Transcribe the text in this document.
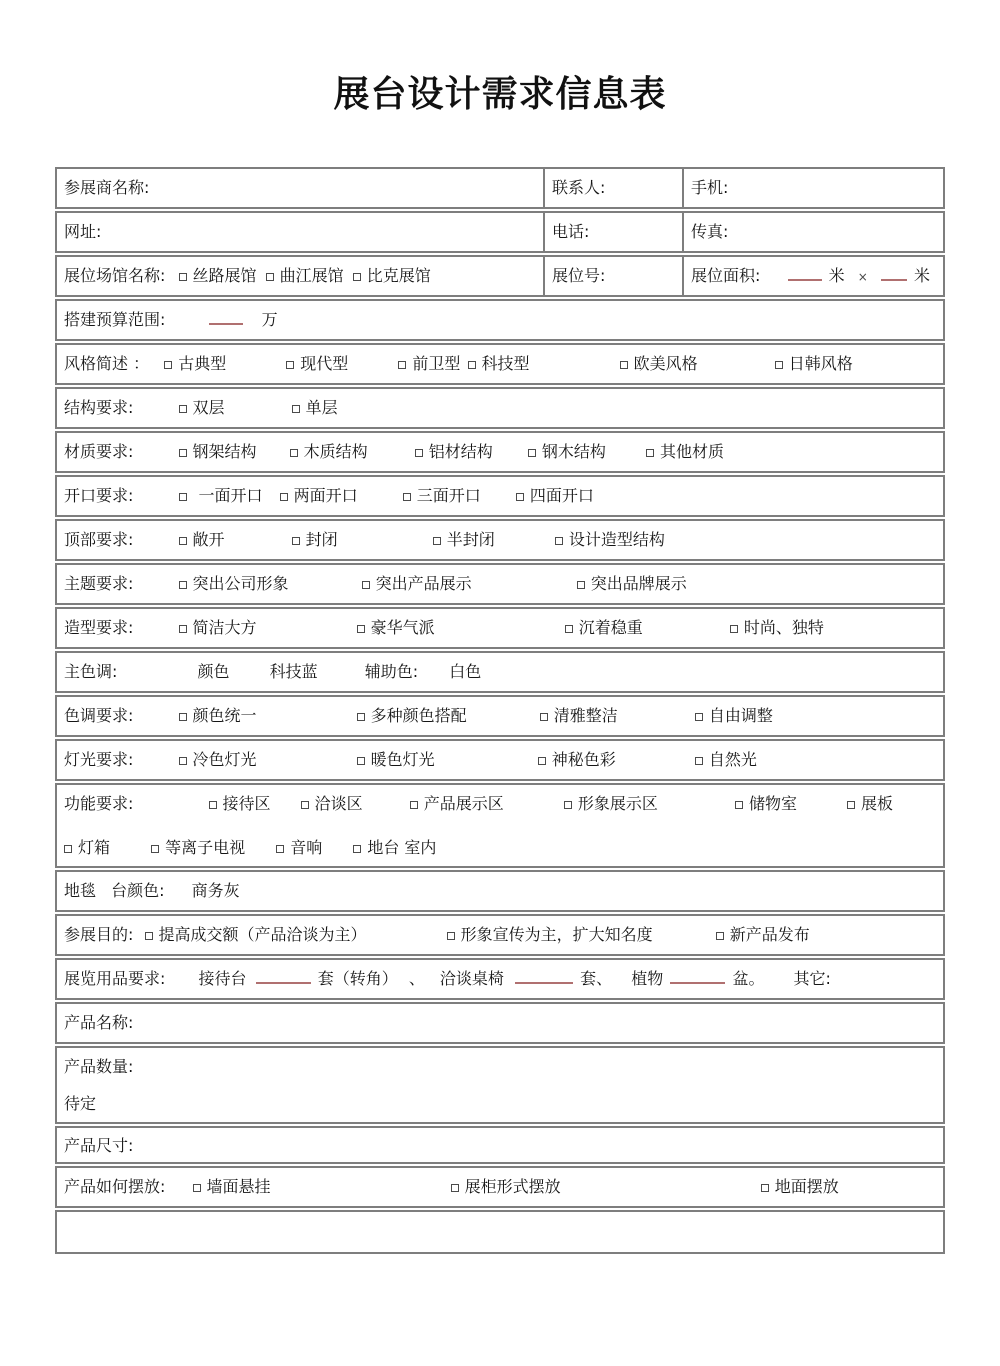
展台设计需求信息表
参展商名称:	联系人:	手机:
网址:	电话:	传真:
展位场馆名称: 丝路展馆 曲江展馆 比克展馆	展位号:	展位面积:	米 ×	米
搭建预算范围:	万
风格简述 ： 古典型	现代型	前卫型 科技型	欧美风格	日韩风格
结构要求:	双层	单层
材质要求:	钢架结构	木质结构	铝材结构	钢木结构	其他材质
开口要求:	一面开口 两面开口	三面开口	四面开口
顶部要求:	敞开	封闭	半封闭	设计造型结构
主题要求:	突出公司形象	突出产品展示	突出品牌展示
造型要求:	简洁大方	豪华气派	沉着稳重	时尚、独特
主色调:	颜色	科技蓝	辅助色: 白色
色调要求:	颜色统一	多种颜色搭配	清雅整洁	自由调整
灯光要求:	冷色灯光	暖色灯光	神秘色彩	自然光
功能要求:	接待区	洽谈区	产品展示区	形象展示区	储物室	展板
灯箱	等离子电视	音响	地台 室内
地毯 台颜色: 商务灰
参展目的: 提高成交额（产品洽谈为主）	形象宣传为主，扩大知名度	新产品发布
展览用品要求: 接待台	套（转角） 、 洽谈桌椅	套、 植物	盆。 其它:
产品名称:
产品数量:
待定
产品尺寸:
产品如何摆放:	墙面悬挂	展柜形式摆放	地面摆放
